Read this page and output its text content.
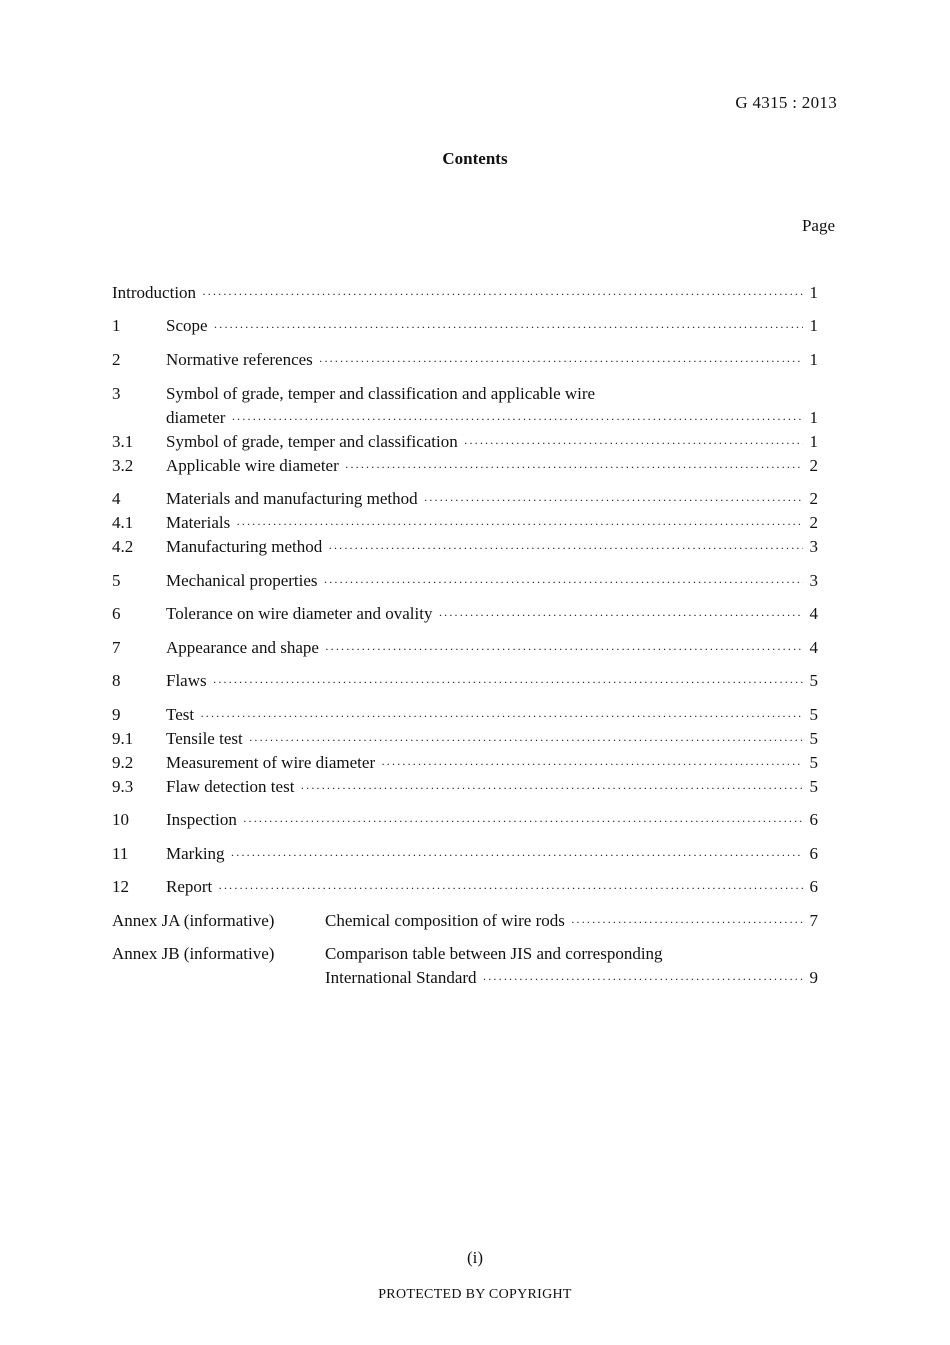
G 4315 : 2013
Contents
Page
Introduction ·····	1
1	Scope ·····	1
2	Normative references ·····	1
3	Symbol of grade, temper and classification and applicable wire
diameter ·····	1
3.1	Symbol of grade, temper and classification ·····	1
3.2	Applicable wire diameter ·····	2
4	Materials and manufacturing method ·····	2
4.1	Materials ·····	2
4.2	Manufacturing method ·····	3
5	Mechanical properties ·····	3
6	Tolerance on wire diameter and ovality ·····	4
7	Appearance and shape ·····	4
8	Flaws ·····	5
9	Test ·····	5
9.1	Tensile test ·····	5
9.2	Measurement of wire diameter ·····	5
9.3	Flaw detection test ·····	5
10	Inspection ·····	6
11	Marking ·····	6
12	Report ·····	6
Annex JA (informative)	Chemical composition of wire rods ·····	7
Annex JB (informative)	Comparison table between JIS and corresponding
International Standard ·····	9
(i)
PROTECTED BY COPYRIGHT
